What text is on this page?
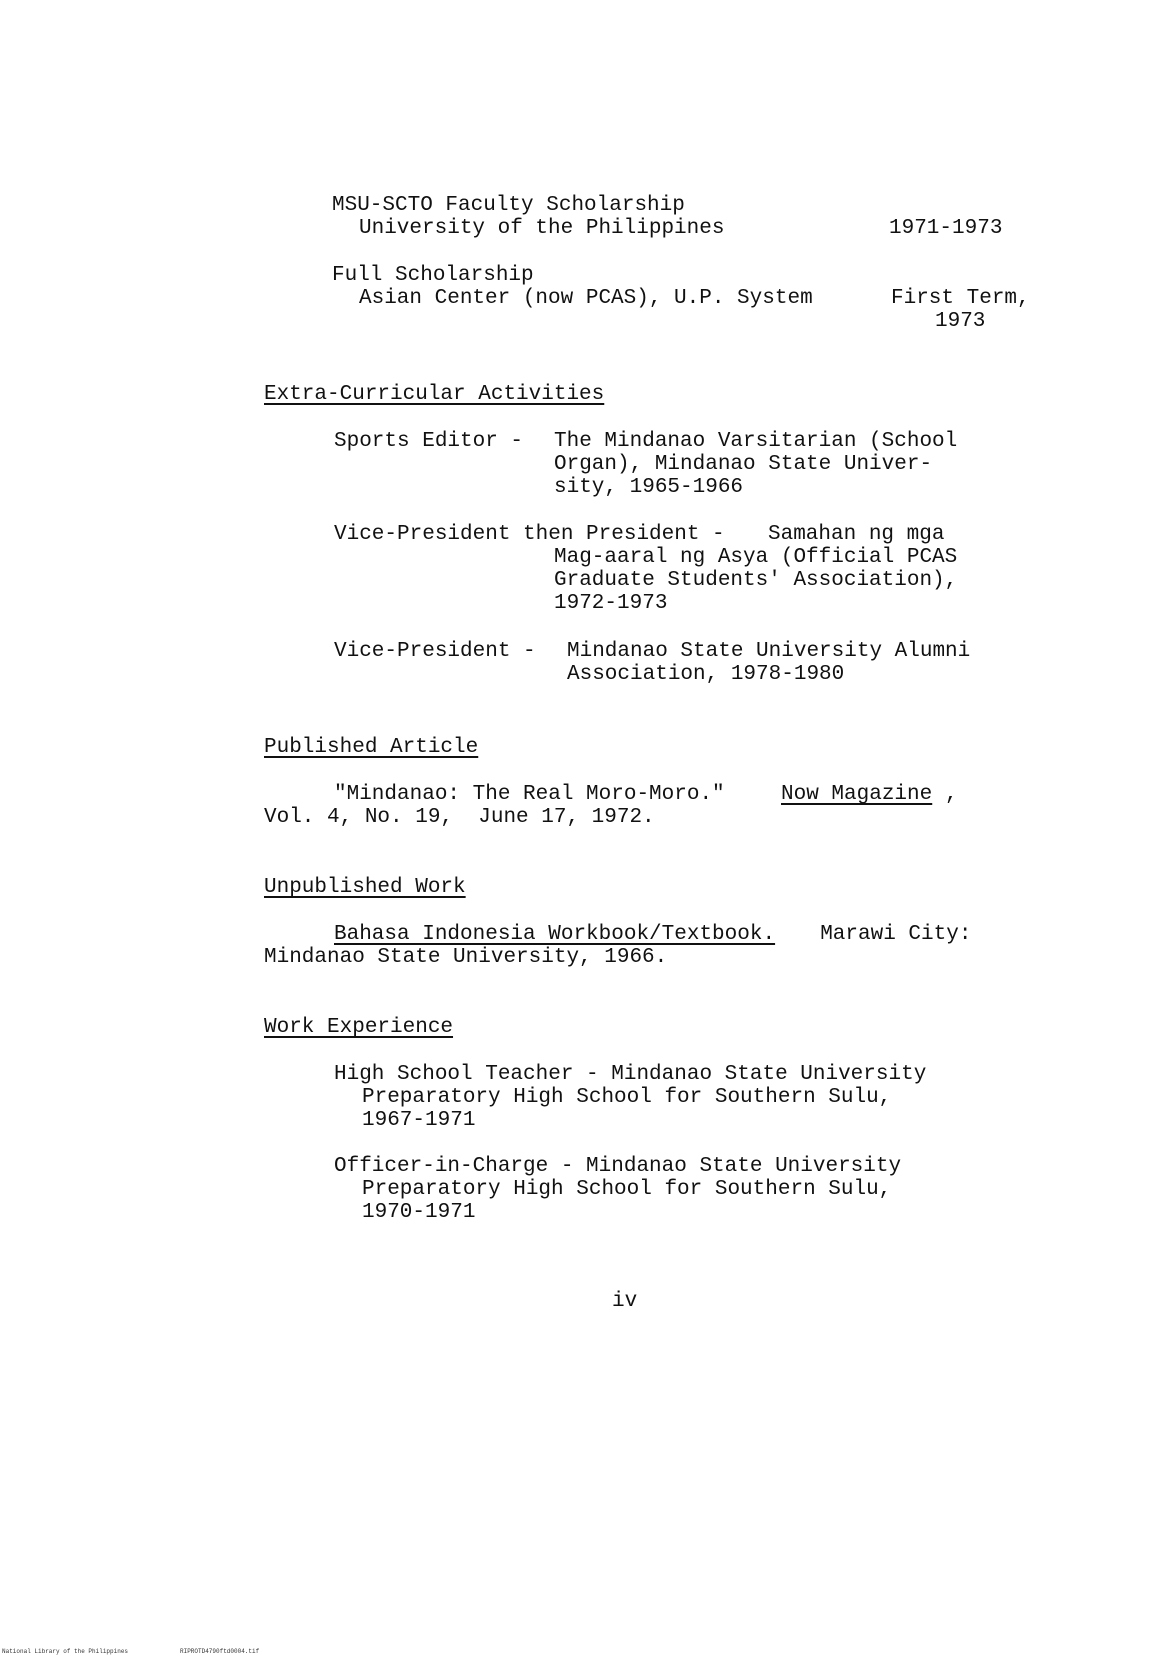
MSU-SCTO Faculty Scholarship
University of the Philippines	1971-1973
Full Scholarship
Asian Center (now PCAS), U.P. System	First Term,
1973
Extra-Curricular Activities
Sports Editor - The Mindanao Varsitarian (School
Organ), Mindanao State Univer-
sity, 1965-1966
Vice-President then President - Samahan ng mga
Mag-aaral ng Asya (Official PCAS
Graduate Students' Association),
1972-1973
Vice-President - Mindanao State University Alumni
Association, 1978-1980
Published Article
"Mindanao: The Real Moro-Moro."	Now Magazine ,
Vol. 4, No. 19,  June 17, 1972.
Unpublished Work
Bahasa Indonesia Workbook/Textbook. Marawi City:
Mindanao State University, 1966.
Work Experience
High School Teacher - Mindanao State University
Preparatory High School for Southern Sulu,
1967-1971
Officer-in-Charge - Mindanao State University
Preparatory High School for Southern Sulu,
1970-1971
iv
National Library of the Philippines	RIPROTD4790ftd0004.tif
